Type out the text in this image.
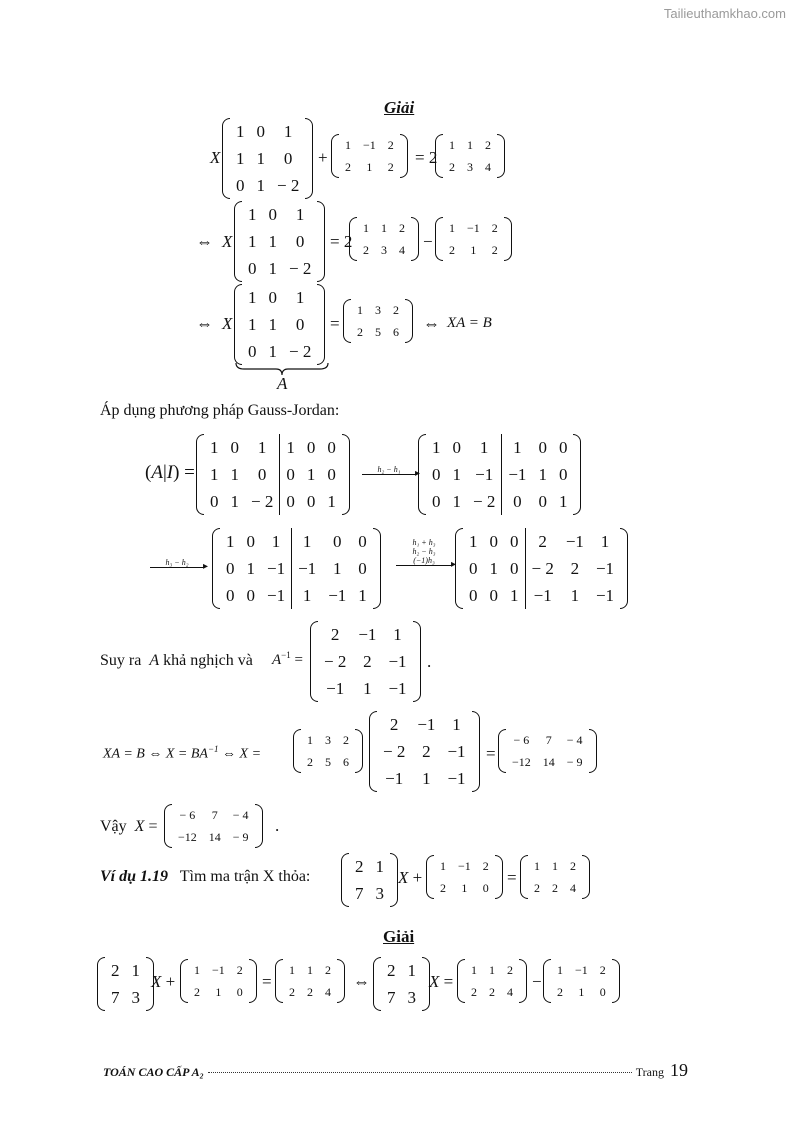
Tailieuthamkhao.com
Giải
X
1	0	1
1	1	0
0	1	− 2
+
1	−1	2
2	1	2 = 2
1	1	2
2	3	4
⇔ X
1	0	1
1	1	0
0	1	− 2
= 2
1	1	2
2	3	4 −
1	−1	2
2	1	2
⇔ X
1	0	1
1	1	0
0	1	− 2
=
1	3	2
2	5	6 ⇔ XA = B
A
Áp dụng phương pháp Gauss-Jordan:
(A|I) =
1	0	1	1	0	0
1	1	0	0	1	0
0	1	− 2	0	0	1
h₂ − h₁	▸
1	0	1	1	0	0
0	1	−1	−1	1	0
0	1	− 2	0	0	1
h₃ − h₂	▸
1	0	1	1	0	0
0	1	−1	−1	1	0
0	0	−1	1	−1	1
h₁ + h₃
h₂ − h₃
(−1)h₃	▸
1	0	0	2	−1	1
0	1	0	− 2	2	−1
0	0	1	−1	1	−1
Suy ra A khả nghịch và $A^{-1}$ =
2	−1	1
− 2	2	−1
−1	1	−1
.
XA = B ⇔ $X = BA^{-1}$ ⇔ X =
1	3	2
2	5	6
2	−1	1
− 2	2	−1
−1	1	−1
=
− 6	7	− 4
−12	14	− 9
Vậy X =
− 6	7	− 4
−12	14	− 9
.
Ví dụ 1.19 Tìm ma trận X thỏa:
2	1
7	3
X +
1	−1	2
2	1	0
=
1	1	2
2	2	4
Giải
2	1
7	3
X +
1	−1	2
2	1	0
=
1	1	2
2	2	4
⇔
2	1
7	3
X =
1	1	2
2	2	4
−
1	−1	2
2	1	0
TOÁN CAO CẤP A₂	Trang 19
